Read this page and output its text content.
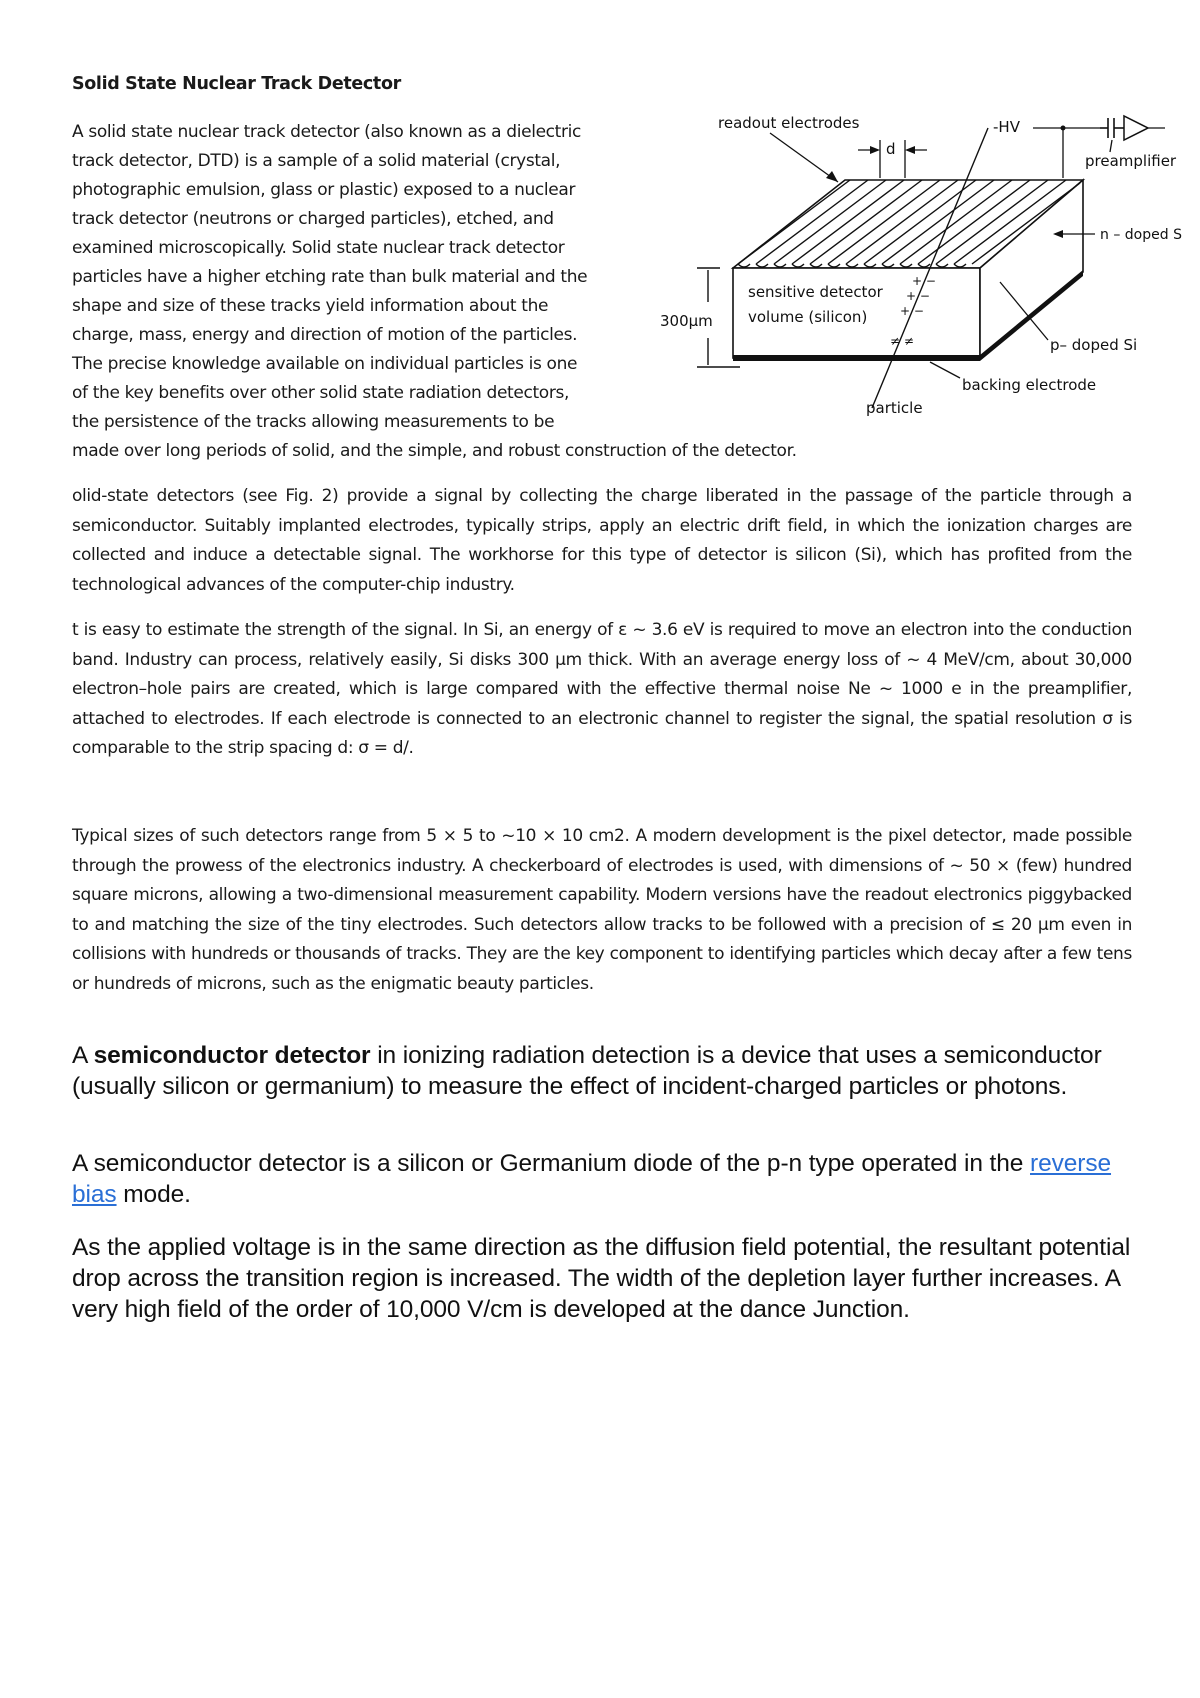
Solid State Nuclear Track Detector

A solid state nuclear track detector (also known as a dielectric
track detector, DTD) is a sample of a solid material (crystal,
photographic emulsion, glass or plastic) exposed to a nuclear
track detector (neutrons or charged particles), etched, and
examined microscopically. Solid state nuclear track detector
particles have a higher etching rate than bulk material and the
shape and size of these tracks yield information about the
charge, mass, energy and direction of motion of the particles.
The precise knowledge available on individual particles is one
of the key benefits over other solid state radiation detectors,
the persistence of the tracks allowing measurements to be
made over long periods of solid, and the simple, and robust construction of the detector.

+ −
+ −
+ −
≠ ≠
300μm
sensitive detector
volume (silicon)
readout electrodes
d
-HV
preamplifier
n – doped S
p– doped Si
backing electrode
particle

olid-state detectors (see Fig. 2) provide a signal by collecting the charge liberated in the passage of the particle through a semiconductor. Suitably implanted electrodes, typically strips, apply an electric drift field, in which the ionization charges are collected and induce a detectable signal. The workhorse for this type of detector is silicon (Si), which has profited from the technological advances of the computer-chip industry.

t is easy to estimate the strength of the signal. In Si, an energy of ε ~ 3.6 eV is required to move an electron into the conduction band. Industry can process, relatively easily, Si disks 300 μm thick. With an average energy loss of ~ 4 MeV/cm, about 30,000 electron–hole pairs are created, which is large compared with the effective thermal noise Ne ~ 1000 e in the preamplifier, attached to electrodes. If each electrode is connected to an electronic channel to register the signal, the spatial resolution σ is comparable to the strip spacing d: σ = d/.

Typical sizes of such detectors range from 5 × 5 to ~10 × 10 cm2. A modern development is the pixel detector, made possible through the prowess of the electronics industry. A checkerboard of electrodes is used, with dimensions of ~ 50 × (few) hundred square microns, allowing a two-dimensional measurement capability. Modern versions have the readout electronics piggybacked to and matching the size of the tiny electrodes. Such detectors allow tracks to be followed with a precision of ≤ 20 μm even in collisions with hundreds or thousands of tracks. They are the key component to identifying particles which decay after a few tens or hundreds of microns, such as the enigmatic beauty particles.

A semiconductor detector in ionizing radiation detection is a device that uses a semiconductor (usually silicon or germanium) to measure the effect of incident-charged particles or photons.

A semiconductor detector is a silicon or Germanium diode of the p-n type operated in the reverse bias mode.

As the applied voltage is in the same direction as the diffusion field potential, the resultant potential drop across the transition region is increased. The width of the depletion layer further increases. A very high field of the order of 10,000 V/cm is developed at the dance Junction.
